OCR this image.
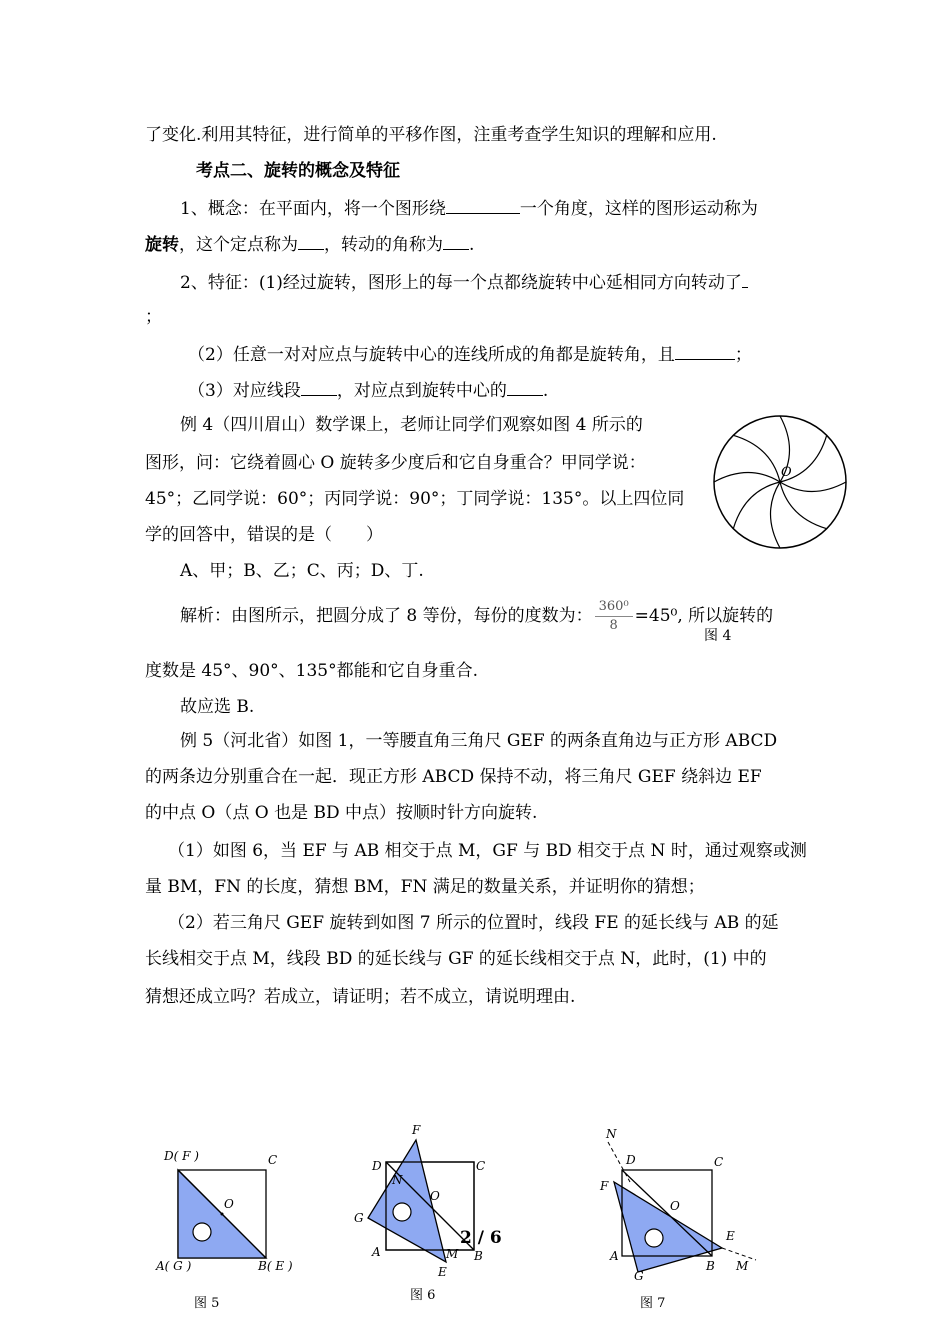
了变化.利用其特征，进行简单的平移作图，注重考查学生知识的理解和应用.
考点二、旋转的概念及特征
1、概念：在平面内，将一个图形绕	一个角度，这样的图形运动称为
旋转，这个定点称为 ，转动的角称为 .
2、特征：(1)经过旋转，图形上的每一个点都绕旋转中心延相同方向转动了
；
（2）任意一对对应点与旋转中心的连线所成的角都是旋转角，且	；
（3）对应线段 ，对应点到旋转中心的 .
例 4（四川眉山）数学课上，老师让同学们观察如图 4 所示的
图形，问：它绕着圆心 O 旋转多少度后和它自身重合？甲同学说：
45°；乙同学说：60°；丙同学说：90°；丁同学说：135°。以上四位同
学的回答中，错误的是（　　）
A、甲；B、乙；C、丙；D、丁.
解析：由图所示，把圆分成了 8 等份，每份的度数为： $\frac{\text{360⁰}}{8} =45^0$, 所以旋转的
图 4
度数是 45°、90°、135°都能和它自身重合.
故应选 B.
例 5（河北省）如图 1，一等腰直角三角尺 GEF 的两条直角边与正方形 ABCD
的两条边分别重合在一起．现正方形 ABCD 保持不动，将三角尺 GEF 绕斜边 EF
的中点 O（点 O 也是 BD 中点）按顺时针方向旋转.
（1）如图 6，当 EF 与 AB 相交于点 M，GF 与 BD 相交于点 N 时，通过观察或测
量 BM，FN 的长度，猜想 BM，FN 满足的数量关系，并证明你的猜想；
（2）若三角尺 GEF 旋转到如图 7 所示的位置时，线段 FE 的延长线与 AB 的延
长线相交于点 M，线段 BD 的延长线与 GF 的延长线相交于点 N，此时，(1) 中的
猜想还成立吗？若成立，请证明；若不成立，请说明理由.
O
D( F )	C
O
A( G )	B( E )
图 5
F
D	C
N
O
G
A	M B
E
图 6
2 / 6
N
D	C
F
O
E
A
B M
G
图 7
